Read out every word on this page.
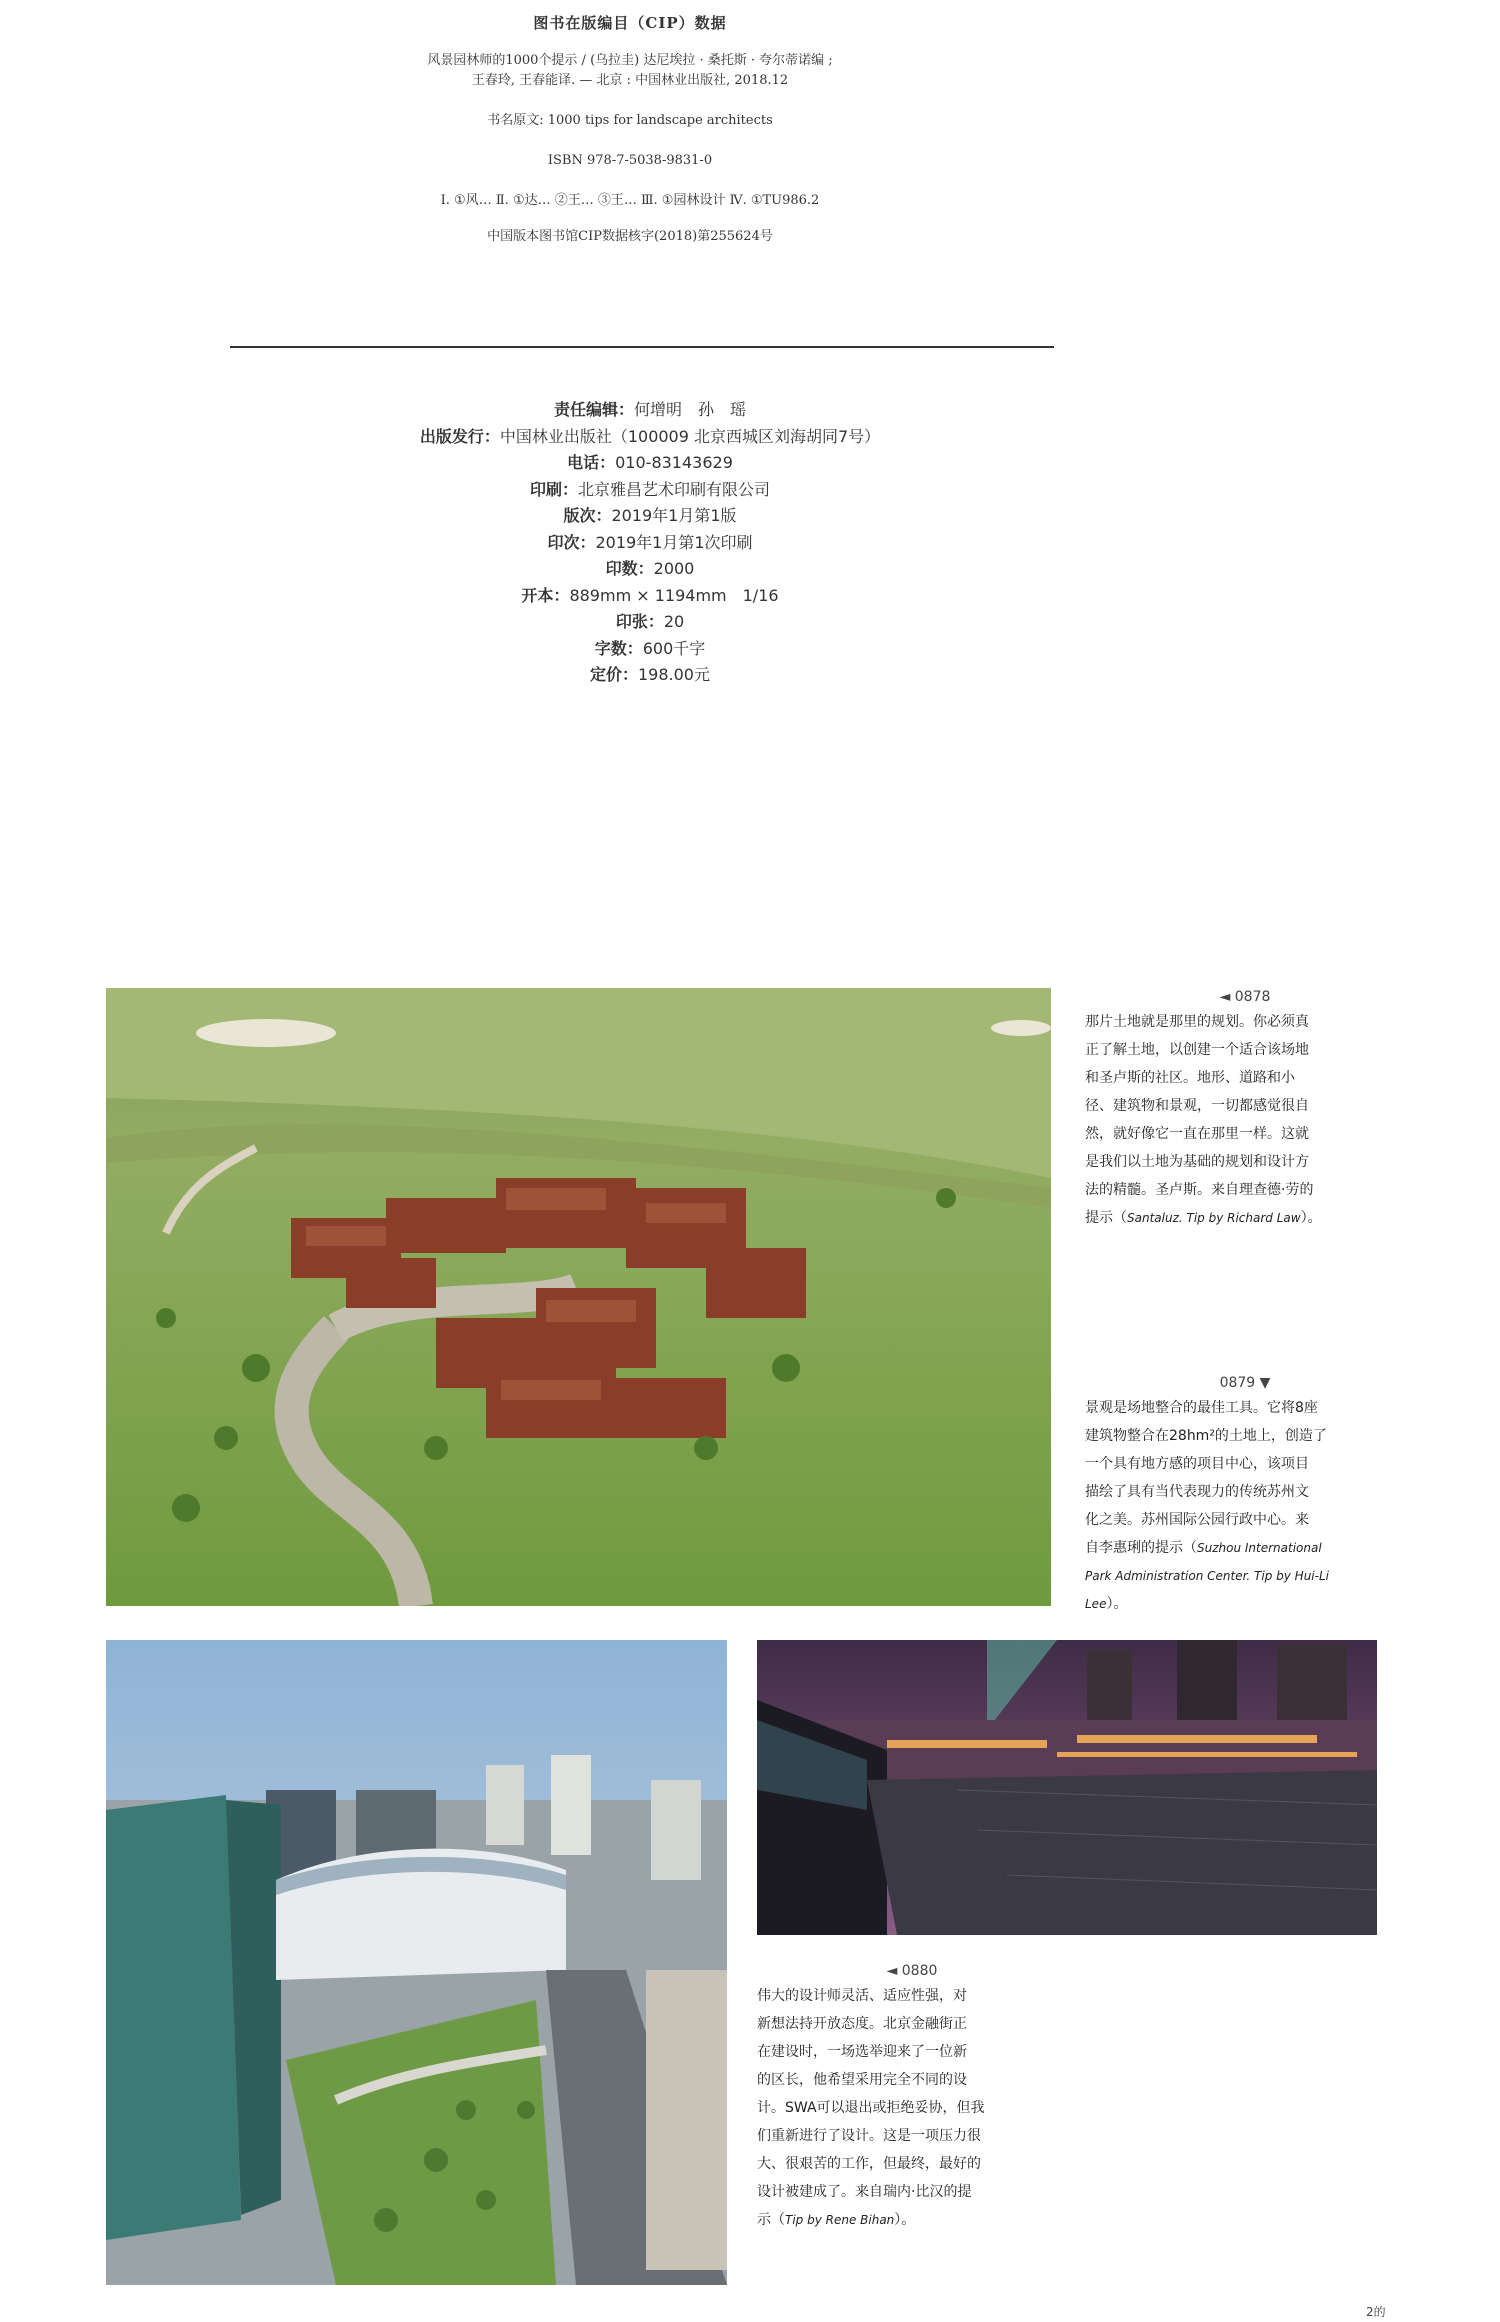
图书在版编目（CIP）数据

风景园林师的1000个提示 / (乌拉圭) 达尼埃拉 · 桑托斯 · 夸尔蒂诺编 ;

王春玲, 王春能译. — 北京 : 中国林业出版社, 2018.12

书名原文: 1000 tips for landscape architects

ISBN 978-7-5038-9831-0

Ⅰ. ①风… Ⅱ. ①达… ②王… ③王… Ⅲ. ①园林设计 Ⅳ. ①TU986.2

中国版本图书馆CIP数据核字(2018)第255624号

责任编辑：何增明　孙　瑶
出版发行：中国林业出版社（100009 北京西城区刘海胡同7号）
电话：010-83143629
印刷：北京雅昌艺术印刷有限公司
版次：2019年1月第1版
印次：2019年1月第1次印刷
印数：2000
开本：889mm × 1194mm　1/16
印张：20
字数：600千字
定价：198.00元
◄ 0878
那片土地就是那里的规划。你必须真
正了解土地，以创建一个适合该场地
和圣卢斯的社区。地形、道路和小
径、建筑物和景观，一切都感觉很自
然，就好像它一直在那里一样。这就
是我们以土地为基础的规划和设计方
法的精髓。圣卢斯。来自理查德·劳的
提示（Santaluz. Tip by Richard Law）。
0879 ▼
景观是场地整合的最佳工具。它将8座
建筑物整合在28hm²的土地上，创造了
一个具有地方感的项目中心，该项目
描绘了具有当代表现力的传统苏州文
化之美。苏州国际公园行政中心。来
自李惠琍的提示（Suzhou International
Park Administration Center. Tip by Hui-Li
Lee）。
◄ 0880
伟大的设计师灵活、适应性强，对
新想法持开放态度。北京金融街正
在建设时，一场选举迎来了一位新
的区长，他希望采用完全不同的设
计。SWA可以退出或拒绝妥协，但我
们重新进行了设计。这是一项压力很
大、很艰苦的工作，但最终，最好的
设计被建成了。来自瑞内·比汉的提
示（Tip by Rene Bihan）。
2的
